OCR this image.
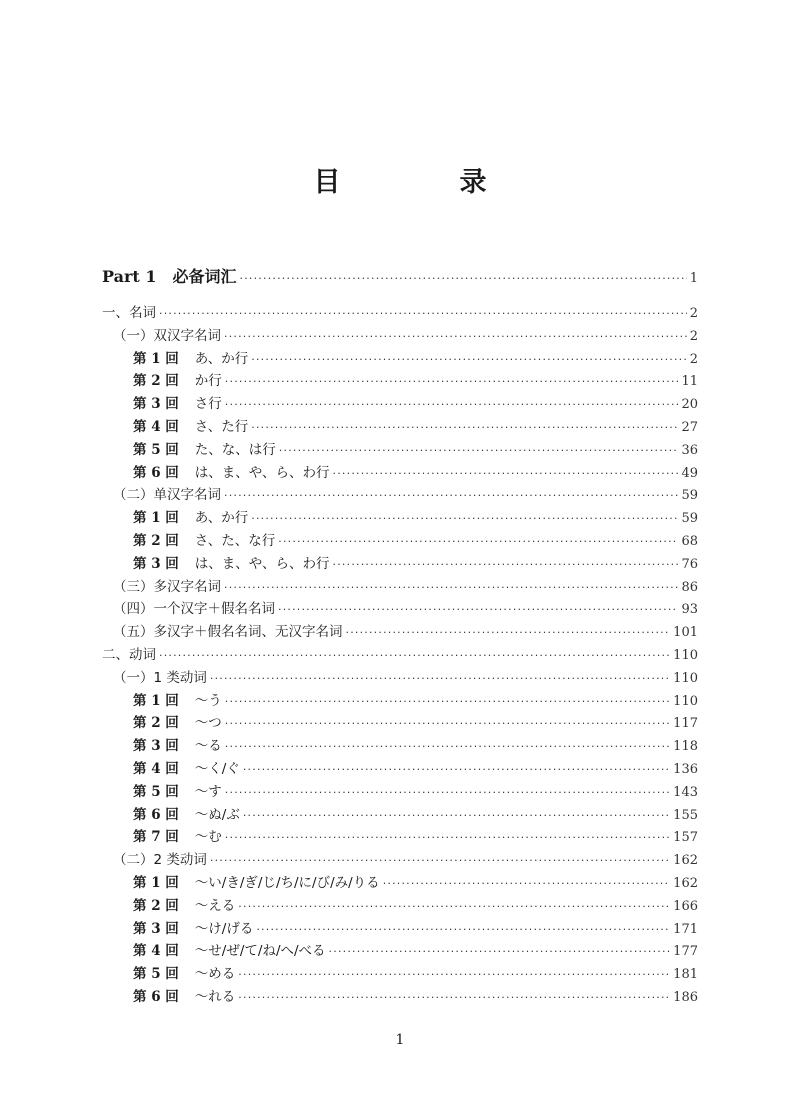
目　录
Part 1　必备词汇 ·····	1
一、名词 ·····	2
（一）双汉字名词 ·····	2
第 1 回 あ、か行 ·····	2
第 2 回 か行 ·····	11
第 3 回 さ行 ·····	20
第 4 回 さ、た行 ·····	27
第 5 回 た、な、は行 ·····	36
第 6 回 は、ま、や、ら、わ行 ·····	49
（二）单汉字名词 ·····	59
第 1 回 あ、か行 ·····	59
第 2 回 さ、た、な行 ·····	68
第 3 回 は、ま、や、ら、わ行 ·····	76
（三）多汉字名词 ·····	86
（四）一个汉字＋假名名词 ·····	93
（五）多汉字＋假名名词、无汉字名词 ·····	101
二、动词 ·····	110
（一）1 类动词 ·····	110
第 1 回 ～う ·····	110
第 2 回 ～つ ·····	117
第 3 回 ～る ·····	118
第 4 回 ～く/ぐ ·····	136
第 5 回 ～す ·····	143
第 6 回 ～ぬ/ぶ ·····	155
第 7 回 ～む ·····	157
（二）2 类动词 ·····	162
第 1 回 ～い/き/ぎ/じ/ち/に/び/み/りる ·····	162
第 2 回 ～える ·····	166
第 3 回 ～け/げる ·····	171
第 4 回 ～せ/ぜ/て/ね/へ/べる ·····	177
第 5 回 ～める ·····	181
第 6 回 ～れる ·····	186
1
